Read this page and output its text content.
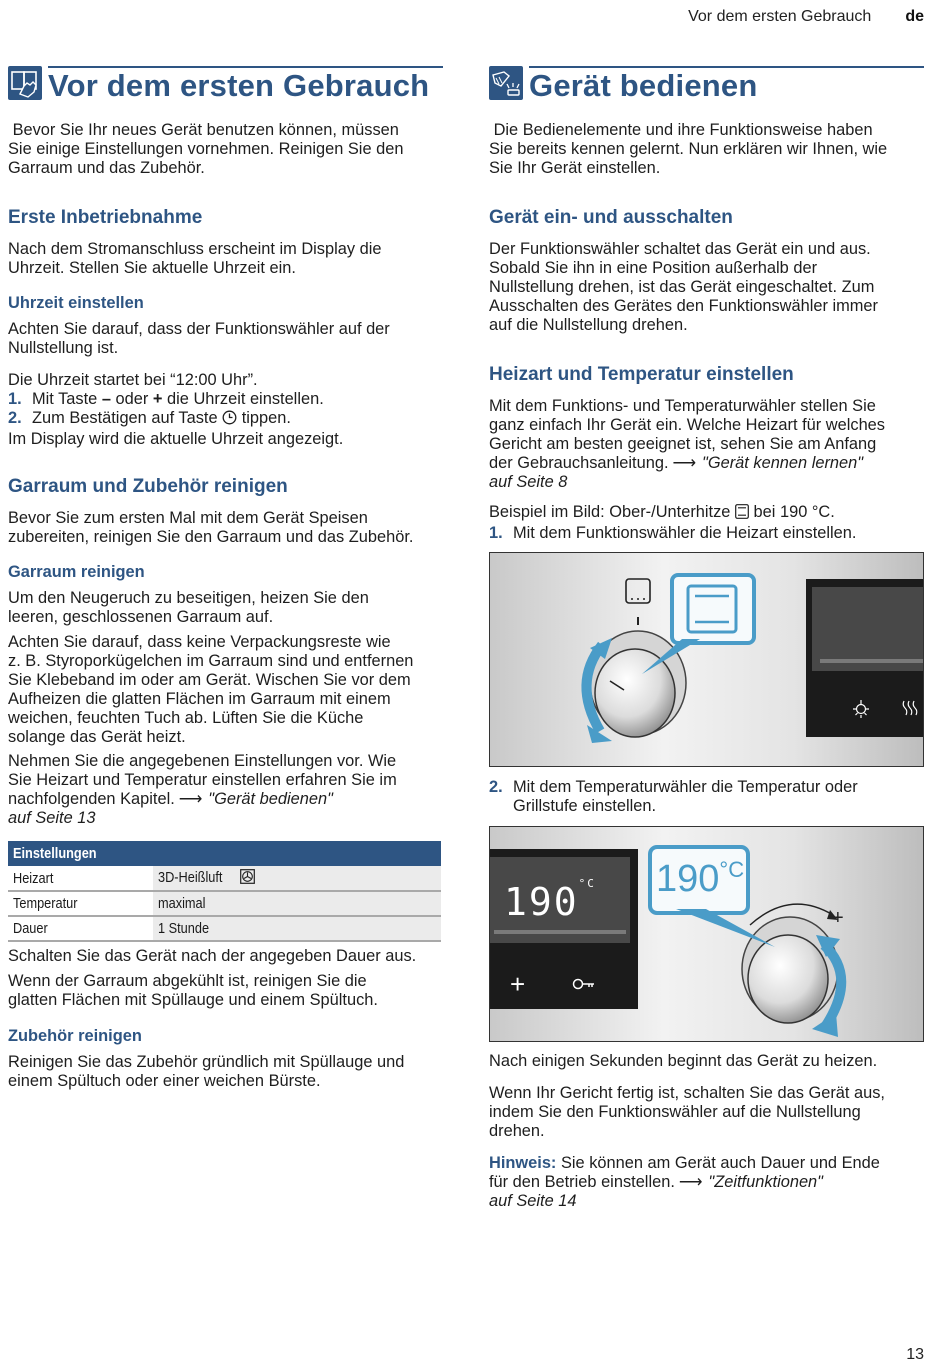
Vor dem ersten Gebrauch de
Vor dem ersten Gebrauch

Bevor Sie Ihr neues Gerät benutzen können, müssen
Sie einige Einstellungen vornehmen. Reinigen Sie den
Garraum und das Zubehör.

Erste Inbetriebnahme

Nach dem Stromanschluss erscheint im Display die
Uhrzeit. Stellen Sie aktuelle Uhrzeit ein.

Uhrzeit einstellen

Achten Sie darauf, dass der Funktionswähler auf der
Nullstellung ist.

Die Uhrzeit startet bei “12:00 Uhr”.

1. Mit Taste – oder + die Uhrzeit einstellen.

2. Zum Bestätigen auf Taste tippen.

Im Display wird die aktuelle Uhrzeit angezeigt.

Garraum und Zubehör reinigen

Bevor Sie zum ersten Mal mit dem Gerät Speisen
zubereiten, reinigen Sie den Garraum und das Zubehör.

Garraum reinigen

Um den Neugeruch zu beseitigen, heizen Sie den
leeren, geschlossenen Garraum auf.

Achten Sie darauf, dass keine Verpackungsreste wie
z. B. Styroporkügelchen im Garraum sind und entfernen
Sie Klebeband im oder am Gerät. Wischen Sie vor dem
Aufheizen die glatten Flächen im Garraum mit einem
weichen, feuchten Tuch ab. Lüften Sie die Küche
solange das Gerät heizt.

Nehmen Sie die angegebenen Einstellungen vor. Wie
Sie Heizart und Temperatur einstellen erfahren Sie im
nachfolgenden Kapitel. ⟶ "Gerät bedienen"
auf Seite 13

Einstellungen	
Heizart	3D-Heißluft
Temperatur	maximal
Dauer	1 Stunde

Schalten Sie das Gerät nach der angegeben Dauer aus.

Wenn der Garraum abgekühlt ist, reinigen Sie die
glatten Flächen mit Spüllauge und einem Spültuch.

Zubehör reinigen

Reinigen Sie das Zubehör gründlich mit Spüllauge und
einem Spültuch oder einer weichen Bürste.

Gerät bedienen

Die Bedienelemente und ihre Funktionsweise haben
Sie bereits kennen gelernt. Nun erklären wir Ihnen, wie
Sie Ihr Gerät einstellen.

Gerät ein- und ausschalten

Der Funktionswähler schaltet das Gerät ein und aus.
Sobald Sie ihn in eine Position außerhalb der
Nullstellung drehen, ist das Gerät eingeschaltet. Zum
Ausschalten des Gerätes den Funktionswähler immer
auf die Nullstellung drehen.

Heizart und Temperatur einstellen

Mit dem Funktions- und Temperaturwähler stellen Sie
ganz einfach Ihr Gerät ein. Welche Heizart für welches
Gericht am besten geeignet ist, sehen Sie am Anfang
der Gebrauchsanleitung. ⟶ "Gerät kennen lernen"
auf Seite 8

Beispiel im Bild: Ober-/Unterhitze bei 190 °C.

1. Mit dem Funktionswähler die Heizart einstellen.

2. Mit dem Temperaturwähler die Temperatur oder
Grillstufe einstellen.

$190^{^\circ C}$ $190^{^\circ C}$
+
+

Nach einigen Sekunden beginnt das Gerät zu heizen.

Wenn Ihr Gericht fertig ist, schalten Sie das Gerät aus,
indem Sie den Funktionswähler auf die Nullstellung
drehen.

Hinweis: Sie können am Gerät auch Dauer und Ende
für den Betrieb einstellen. ⟶ "Zeitfunktionen"
auf Seite 14

13
